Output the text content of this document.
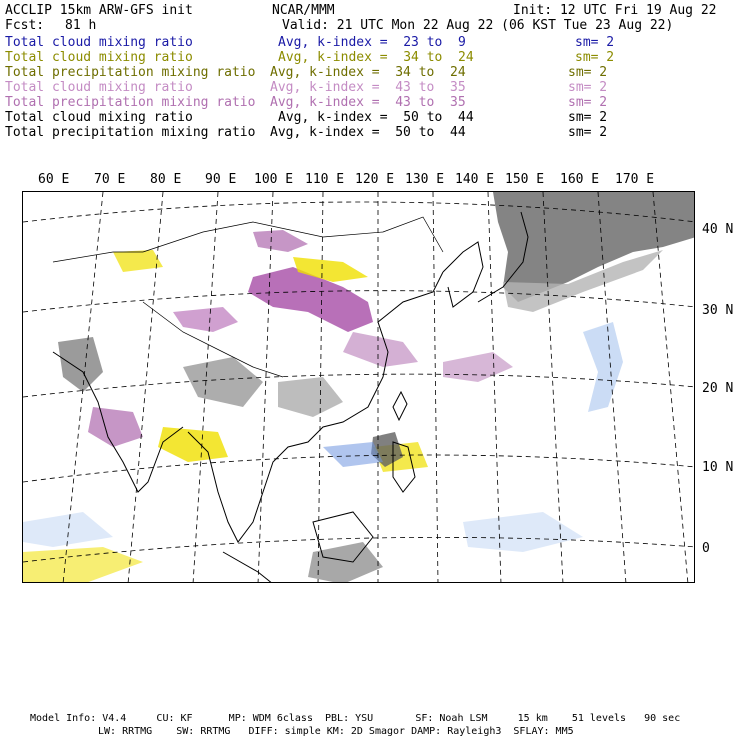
ACCLIP 15km ARW-GFS init	NCAR/MMM	Init: 12 UTC Fri 19 Aug 22
Fcst: 81 h	Valid: 21 UTC Mon 22 Aug 22 (06 KST Tue 23 Aug 22)
Total cloud mixing ratio	Avg, k-index =  23 to  9	sm= 2
Total cloud mixing ratio	Avg, k-index =  34 to  24	sm= 2
Total precipitation mixing ratio Avg, k-index =  34 to  24	sm= 2
Total cloud mixing ratio	Avg, k-index =  43 to  35	sm= 2
Total precipitation mixing ratio Avg, k-index =  43 to  35	sm= 2
Total cloud mixing ratio	Avg, k-index =  50 to  44	sm= 2
Total precipitation mixing ratio Avg, k-index =  50 to  44	sm= 2
60 E 70 E 80 E 90 E 100 E 110 E 120 E 130 E 140 E 150 E 160 E 170 E
40 N
30 N
20 N
10 N
0
Model Info: V4.4     CU: KF      MP: WDM 6class  PBL: YSU       SF: Noah LSM     15 km    51 levels   90 sec
LW: RRTMG    SW: RRTMG   DIFF: simple KM: 2D Smagor DAMP: Rayleigh3  SFLAY: MM5
